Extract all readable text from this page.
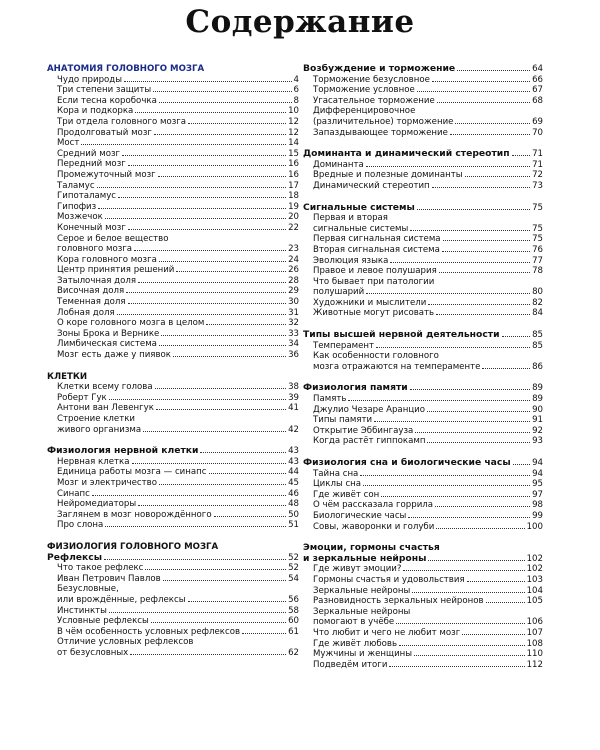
Содержание
АНАТОМИЯ ГОЛОВНОГО МОЗГА
Чудо природы	4
Три степени защиты	6
Если тесна коробочка	8
Кора и подкорка	10
Три отдела головного мозга	12
Продолговатый мозг	12
Мост	14
Средний мозг	15
Передний мозг	16
Промежуточный мозг	16
Таламус	17
Гипоталамус	18
Гипофиз	19
Мозжечок	20
Конечный мозг	22
Серое и белое вещество
головного мозга	23
Кора головного мозга	24
Центр принятия решений	26
Затылочная доля	28
Височная доля	29
Теменная доля	30
Лобная доля	31
О коре головного мозга в целом	32
Зоны Брока и Вернике	33
Лимбическая система	34
Мозг есть даже у пиявок	36
КЛЕТКИ
Клетки всему голова	38
Роберт Гук	39
Антони ван Левенгук	41
Строение клетки
живого организма	42
Физиология нервной клетки	43
Нервная клетка	43
Единица работы мозга — синапс	44
Мозг и электричество	45
Синапс	46
Нейромедиаторы	48
Заглянем в мозг новорождённого	50
Про слона	51
ФИЗИОЛОГИЯ ГОЛОВНОГО МОЗГА
Рефлексы	52
Что такое рефлекс	52
Иван Петрович Павлов	54
Безусловные,
или врождённые, рефлексы	56
Инстинкты	58
Условные рефлексы	60
В чём особенность условных рефлексов	61
Отличие условных рефлексов
от безусловных	62
Возбуждение и торможение	64
Торможение безусловное	66
Торможение условное	67
Угасательное торможение	68
Дифференцировочное
(различительное) торможение	69
Запаздывающее торможение	70
Доминанта и динамический стереотип	71
Доминанта	71
Вредные и полезные доминанты	72
Динамический стереотип	73
Сигнальные системы	75
Первая и вторая
сигнальные системы	75
Первая сигнальная система	75
Вторая сигнальная система	76
Эволюция языка	77
Правое и левое полушария	78
Что бывает при патологии
полушарий	80
Художники и мыслители	82
Животные могут рисовать	84
Типы высшей нервной деятельности	85
Темперамент	85
Как особенности головного
мозга отражаются на темпераменте	86
Физиология памяти	89
Память	89
Джулио Чезаре Аранцио	90
Типы памяти	91
Открытие Эббингауза	92
Когда растёт гиппокамп	93
Физиология сна и биологические часы 94
Тайна сна	94
Циклы сна	95
Где живёт сон	97
О чём рассказала горрила	98
Биологические часы	99
Совы, жаворонки и голуби	100
Эмоции, гормоны счастья
и зеркальные нейроны	102
Где живут эмоции?	102
Гормоны счастья и удовольствия	103
Зеркальные нейроны	104
Разновидность зеркальных нейронов	105
Зеркальные нейроны
помогают в учёбе	106
Что любит и чего не любит мозг	107
Где живёт любовь	108
Мужчины и женщины	110
Подведём итоги	112
